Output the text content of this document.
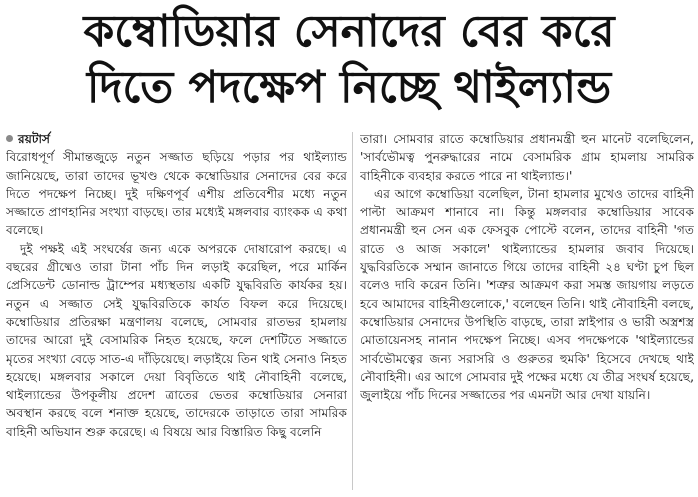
কম্বোডিয়ার সেনাদের বের করে
দিতে পদক্ষেপ নিচ্ছে থাইল্যান্ড
রয়টার্স

বিরোধপূর্ণ সীমান্তজুড়ে নতুন সজ্জাত ছড়িয়ে পড়ার পর থাইল্যান্ড জানিয়েছে, তারা তাদের ভূখণ্ড থেকে কম্বোডিয়ার সেনাদের বের করে দিতে পদক্ষেপ নিচ্ছে। দুই দক্ষিণপূর্ব এশীয় প্রতিবেশীর মধ্যে নতুন সজ্জাতে প্রাণহানির সংখ্যা বাড়ছে। তার মধ্যেই মঙ্গলবার ব্যাংকক এ কথা বলেছে।

দুই পক্ষই এই সংঘর্ষের জন্য একে অপরকে দোষারোপ করছে। এ বছরের গ্রীষ্মেও তারা টানা পাঁচ দিন লড়াই করেছিল, পরে মার্কিন প্রেসিডেন্ট ডোনাল্ড ট্রাম্পের মধ্যস্থতায় একটি যুদ্ধবিরতি কার্যকর হয়। নতুন এ সজ্জাত সেই যুদ্ধবিরতিকে কার্যত বিফল করে দিয়েছে। কম্বোডিয়ার প্রতিরক্ষা মন্ত্রণালয় বলেছে, সোমবার রাতভর হামলায় তাদের আরো দুই বেসামরিক নিহত হয়েছে, ফলে দেশটিতে সজ্জাতে মৃতের সংখ্যা বেড়ে সাত-এ দাঁড়িয়েছে। লড়াইয়ে তিন থাই সেনাও নিহত হয়েছে। মঙ্গলবার সকালে দেয়া বিবৃতিতে থাই নৌবাহিনী বলেছে, থাইল্যান্ডের উপকূলীয় প্রদেশ ত্রাতের ভেতর কম্বোডিয়ার সেনারা অবস্থান করছে বলে শনাক্ত হয়েছে, তাদেরকে তাড়াতে তারা সামরিক বাহিনী অভিযান শুরু করেছে। এ বিষয়ে আর বিস্তারিত কিছু বলেনি

তারা। সোমবার রাতে কম্বোডিয়ার প্রধানমন্ত্রী হুন মানেট বলেছিলেন, 'সার্বভৌমত্ব পুনরুদ্ধারের নামে বেসামরিক গ্রাম হামলায় সামরিক বাহিনীকে ব্যবহার করতে পারে না থাইল্যান্ড।'

এর আগে কম্বোডিয়া বলেছিল, টানা হামলার মুখেও তাদের বাহিনী পাল্টা আক্রমণ শানাবে না। কিন্তু মঙ্গলবার কম্বোডিয়ার সাবেক প্রধানমন্ত্রী হুন সেন এক ফেসবুক পোস্টে বলেন, তাদের বাহিনী 'গত রাতে ও আজ সকালে' থাইল্যান্ডের হামলার জবাব দিয়েছে। যুদ্ধবিরতিকে সম্মান জানাতে গিয়ে তাদের বাহিনী ২৪ ঘণ্টা চুপ ছিল বলেও দাবি করেন তিনি। 'শত্রুর আক্রমণ করা সমস্ত জায়গায় লড়তে হবে আমাদের বাহিনীগুলোকে,' বলেছেন তিনি। থাই নৌবাহিনী বলছে, কম্বোডিয়ার সেনাদের উপস্থিতি বাড়ছে, তারা স্নাইপার ও ভারী অস্ত্রশস্ত্র মোতায়েনসহ নানান পদক্ষেপ নিচ্ছে। এসব পদক্ষেপকে 'থাইল্যান্ডের সার্বভৌমত্বের জন্য সরাসরি ও গুরুতর হুমকি' হিসেবে দেখছে থাই নৌবাহিনী। এর আগে সোমবার দুই পক্ষের মধ্যে যে তীব্র সংঘর্ষ হয়েছে, জুলাইয়ে পাঁচ দিনের সজ্জাতের পর এমনটা আর দেখা যায়নি।
